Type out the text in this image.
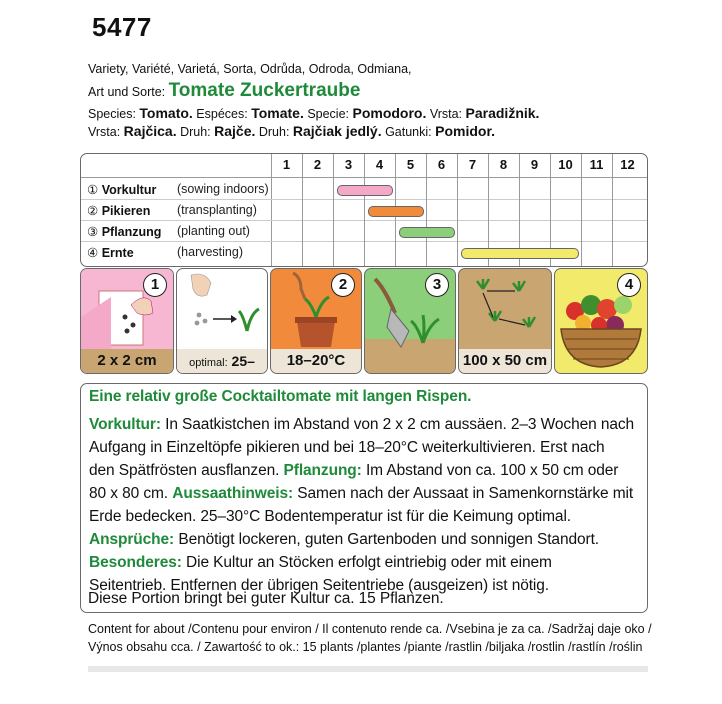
5477
Variety, Variété, Varietá, Sorta, Odrůda, Odroda, Odmiana,
Art und Sorte: Tomate Zuckertraube
Species: Tomato. Espéces: Tomate. Specie: Pomodoro. Vrsta: Paradižnik.
Vrsta: Rajčica. Druh: Rajče. Druh: Rajčiak jedlý. Gatunki: Pomidor.
1	2	3	4	5	6	7	8	9	10	11	12
① Vorkultur (sowing indoors)
② Pikieren (transplanting)
③ Pflanzung (planting out)
④ Ernte	(harvesting)
1
2 x 2 cm	optimal: 25–
2
18–20°C
3
100 x 50 cm
4
Eine relativ große Cocktailtomate mit langen Rispen.
Vorkultur: In Saatkistchen im Abstand von 2 x 2 cm aussäen. 2–3 Wochen nach
Aufgang in Einzeltöpfe pikieren und bei 18–20°C weiterkultivieren. Erst nach
den Spätfrösten ausflanzen. Pflanzung: Im Abstand von ca. 100 x 50 cm oder
80 x 80 cm. Aussaathinweis: Samen nach der Aussaat in Samenkornstärke mit
Erde bedecken. 25–30°C Bodentemperatur ist für die Keimung optimal.
Ansprüche: Benötigt lockeren, guten Gartenboden und sonnigen Standort.
Besonderes: Die Kultur an Stöcken erfolgt eintriebig oder mit einem
Seitentrieb. Entfernen der übrigen Seitentriebe (ausgeizen) ist nötig.
Diese Portion bringt bei guter Kultur ca. 15 Pflanzen.
Content for about /Contenu pour environ / Il contenuto rende ca. /Vsebina je za ca. /Sadržaj daje oko /
Výnos obsahu cca. / Zawartość to ok.: 15 plants /plantes /piante /rastlin /biljaka /rostlin /rastlín /roślin
